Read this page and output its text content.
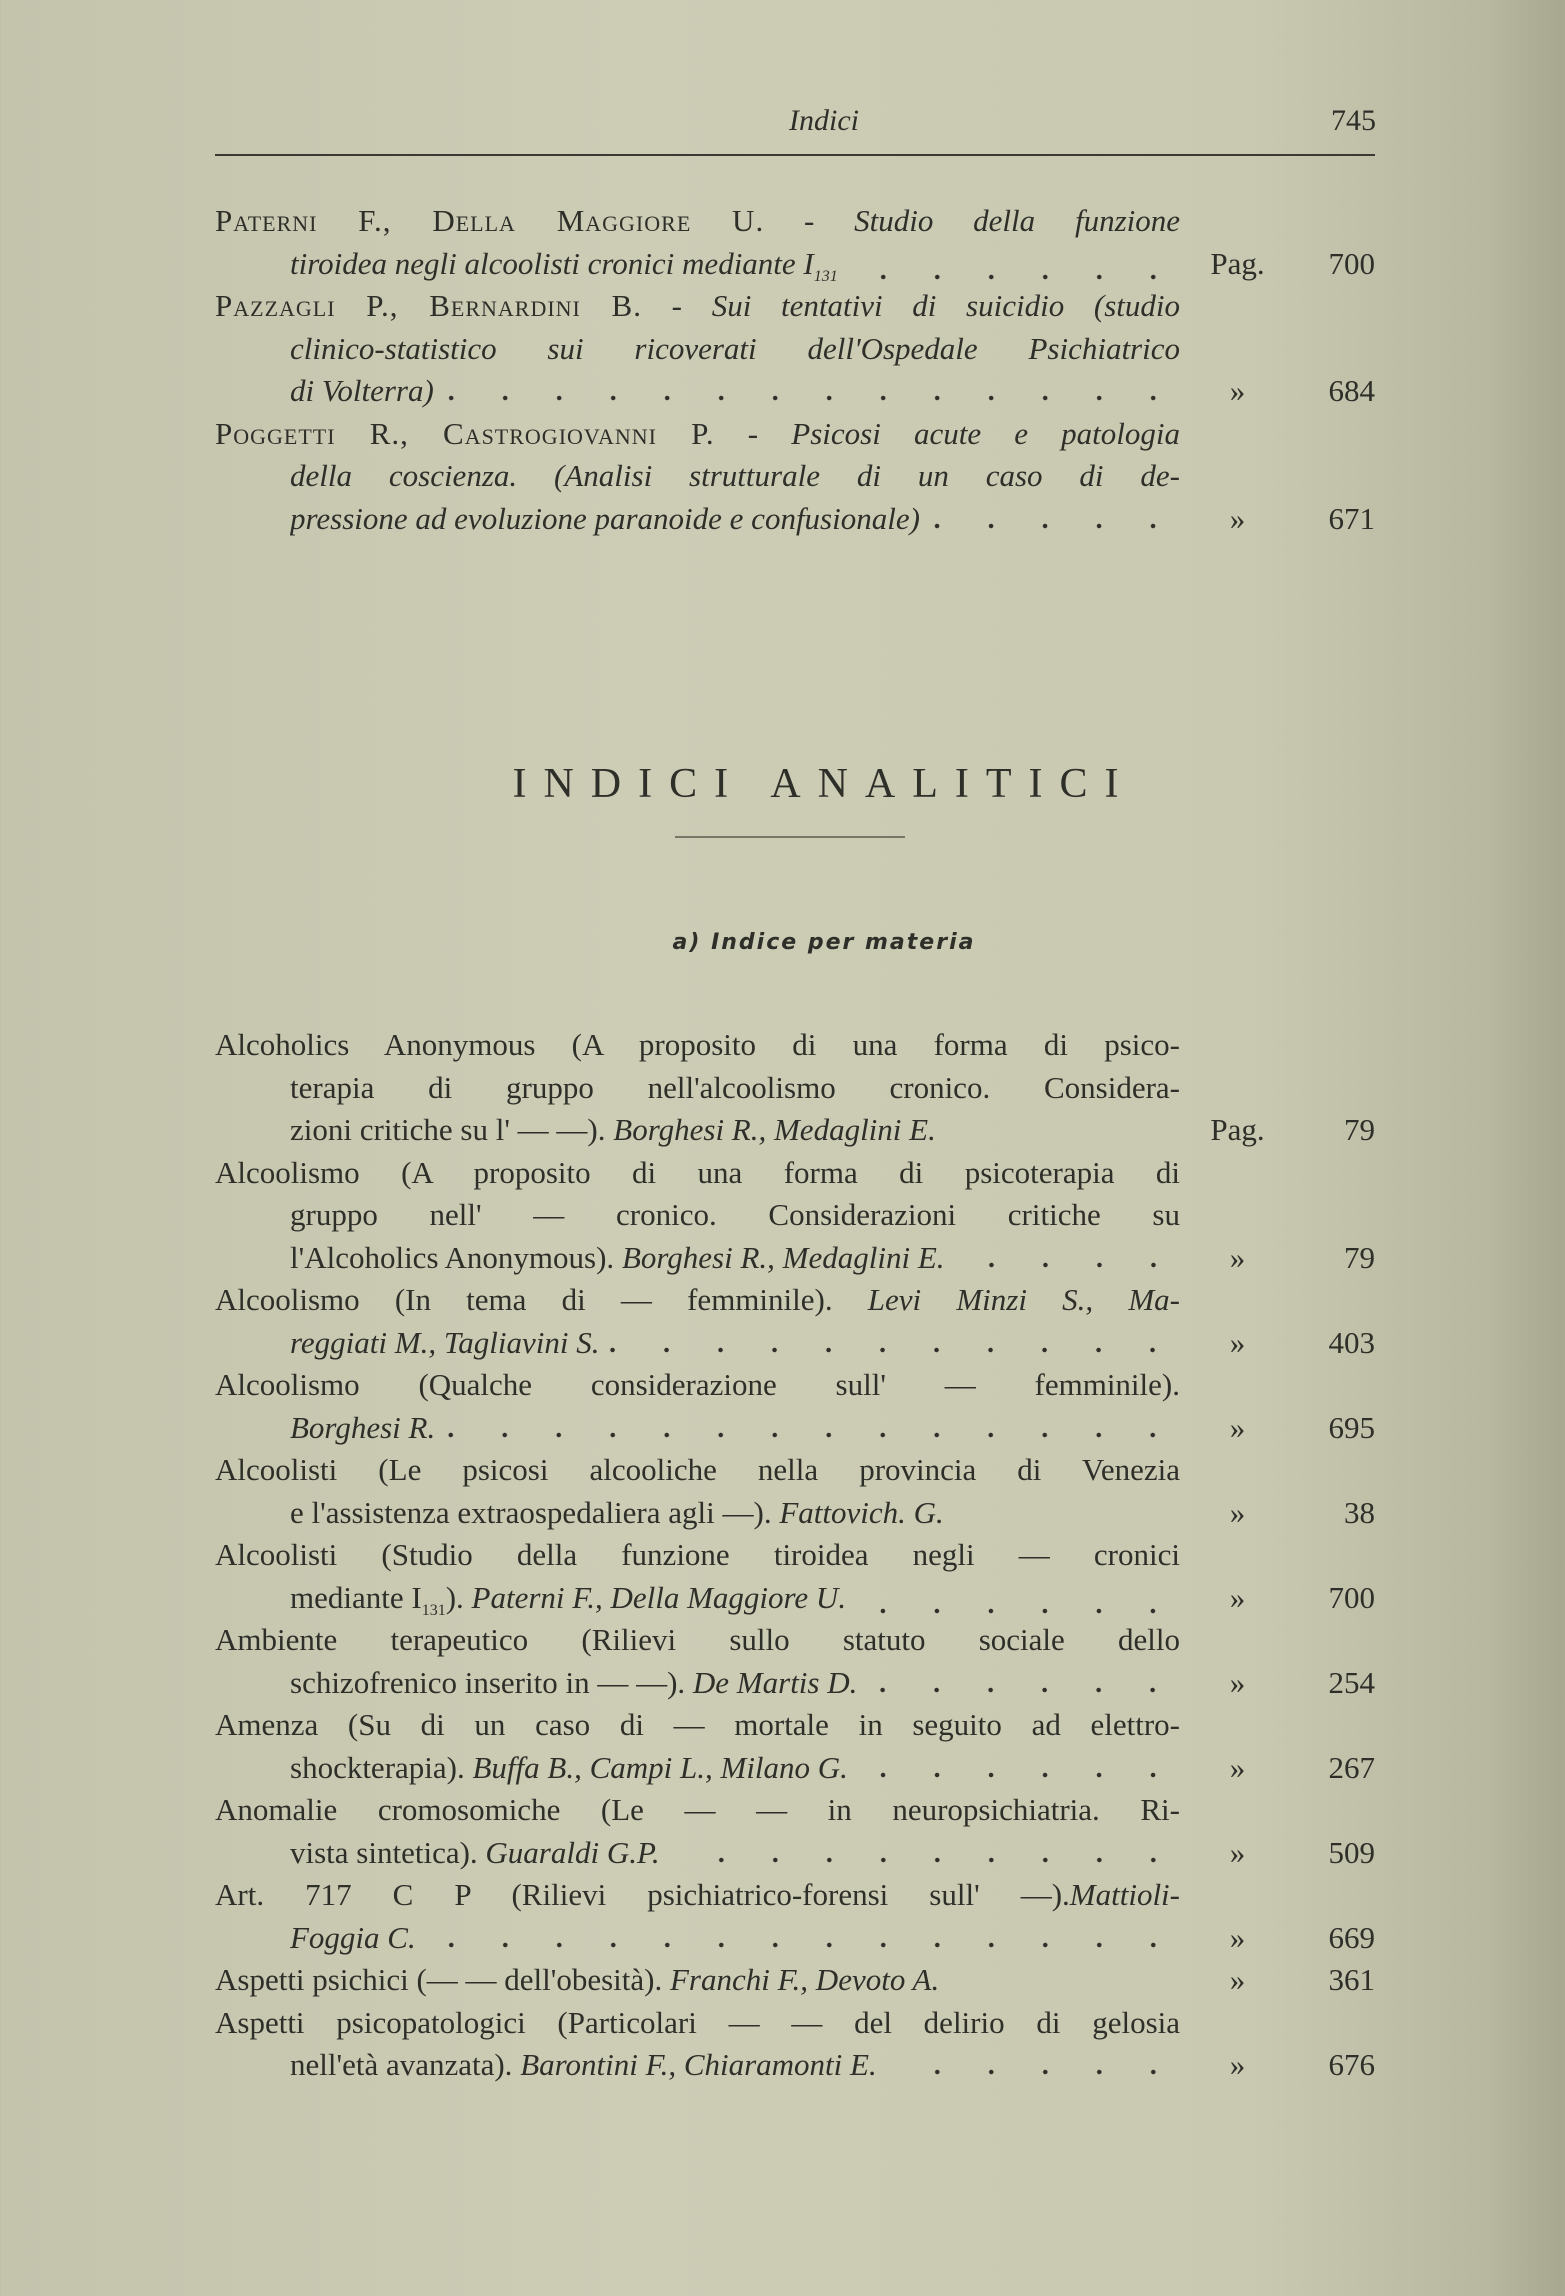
Indici	745
Paterni F., Della Maggiore U. - Studio della funzione
tiroidea negli alcoolisti cronici mediante $I_{131}$	Pag.	700
Pazzagli P., Bernardini B. - Sui tentativi di suicidio (studio
clinico-statistico sui ricoverati dell'Ospedale Psichiatrico
di Volterra)	»	684
Poggetti R., Castrogiovanni P. - Psicosi acute e patologia
della coscienza. (Analisi strutturale di un caso di de-
pressione ad evoluzione paranoide e confusionale)	»	671
INDICI ANALITICI
a) Indice per materia
Alcoholics Anonymous (A proposito di una forma di psico-
terapia di gruppo nell'alcoolismo cronico. Considera-
zioni critiche su l' — —). Borghesi R., Medaglini E.	Pag.	79
Alcoolismo (A proposito di una forma di psicoterapia di
gruppo nell' — cronico. Considerazioni critiche su
l'Alcoholics Anonymous). Borghesi R., Medaglini E.	»	79
Alcoolismo (In tema di — femminile). Levi Minzi S., Ma-
reggiati M., Tagliavini S.	»	403
Alcoolismo (Qualche considerazione sull' — femminile).
Borghesi R.	»	695
Alcoolisti (Le psicosi alcooliche nella provincia di Venezia
e l'assistenza extraospedaliera agli —). Fattovich. G.	»	38
Alcoolisti (Studio della funzione tiroidea negli — cronici
mediante $I_{131}$). Paterni F., Della Maggiore U.	»	700
Ambiente terapeutico (Rilievi sullo statuto sociale dello
schizofrenico inserito in — —). De Martis D.	»	254
Amenza (Su di un caso di — mortale in seguito ad elettro-
shockterapia). Buffa B., Campi L., Milano G.	»	267
Anomalie cromosomiche (Le — — in neuropsichiatria. Ri-
vista sintetica). Guaraldi G.P.	»	509
Art. 717 C P (Rilievi psichiatrico-forensi sull' —).Mattioli-
Foggia C.	»	669
Aspetti psichici (— — dell'obesità). Franchi F., Devoto A.	»	361
Aspetti psicopatologici (Particolari — — del delirio di gelosia
nell'età avanzata). Barontini F., Chiaramonti E.	»	676
